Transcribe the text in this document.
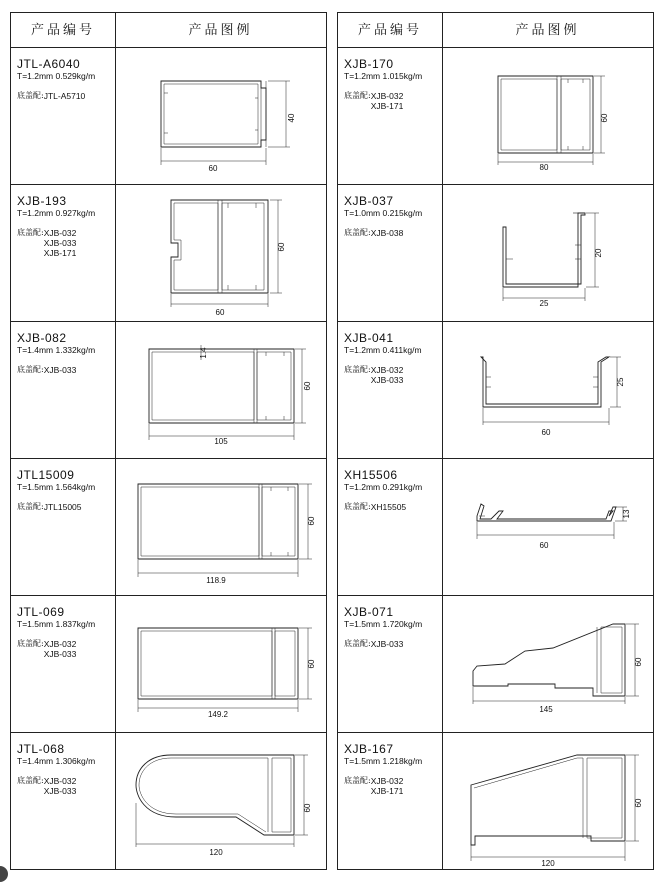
产品编号	产品图例
JTL-A6040
T=1.2mm 0.529kg/m
底盖配: JTL-A5710
60
40
XJB-193
T=1.2mm 0.927kg/m
底盖配: XJB-032
XJB-033
XJB-171
60
60
XJB-082
T=1.4mm 1.332kg/m
底盖配: XJB-033
105
60
1.4
JTL15009
T=1.5mm 1.564kg/m
底盖配: JTL15005
118.9
60
JTL-069
T=1.5mm 1.837kg/m
底盖配: XJB-032
XJB-033
149.2
60
JTL-068
T=1.4mm 1.306kg/m
底盖配: XJB-032
XJB-033
120
60
产品编号	产品图例
XJB-170
T=1.2mm 1.015kg/m
底盖配: XJB-032
XJB-171
80
60
XJB-037
T=1.0mm 0.215kg/m
底盖配: XJB-038
25
20
XJB-041
T=1.2mm 0.411kg/m
底盖配: XJB-032
XJB-033
60
25
XH15506
T=1.2mm 0.291kg/m
底盖配: XH15505
60
13
XJB-071
T=1.5mm 1.720kg/m
底盖配: XJB-033
145
60
XJB-167
T=1.5mm 1.218kg/m
底盖配: XJB-032
XJB-171
120
60
